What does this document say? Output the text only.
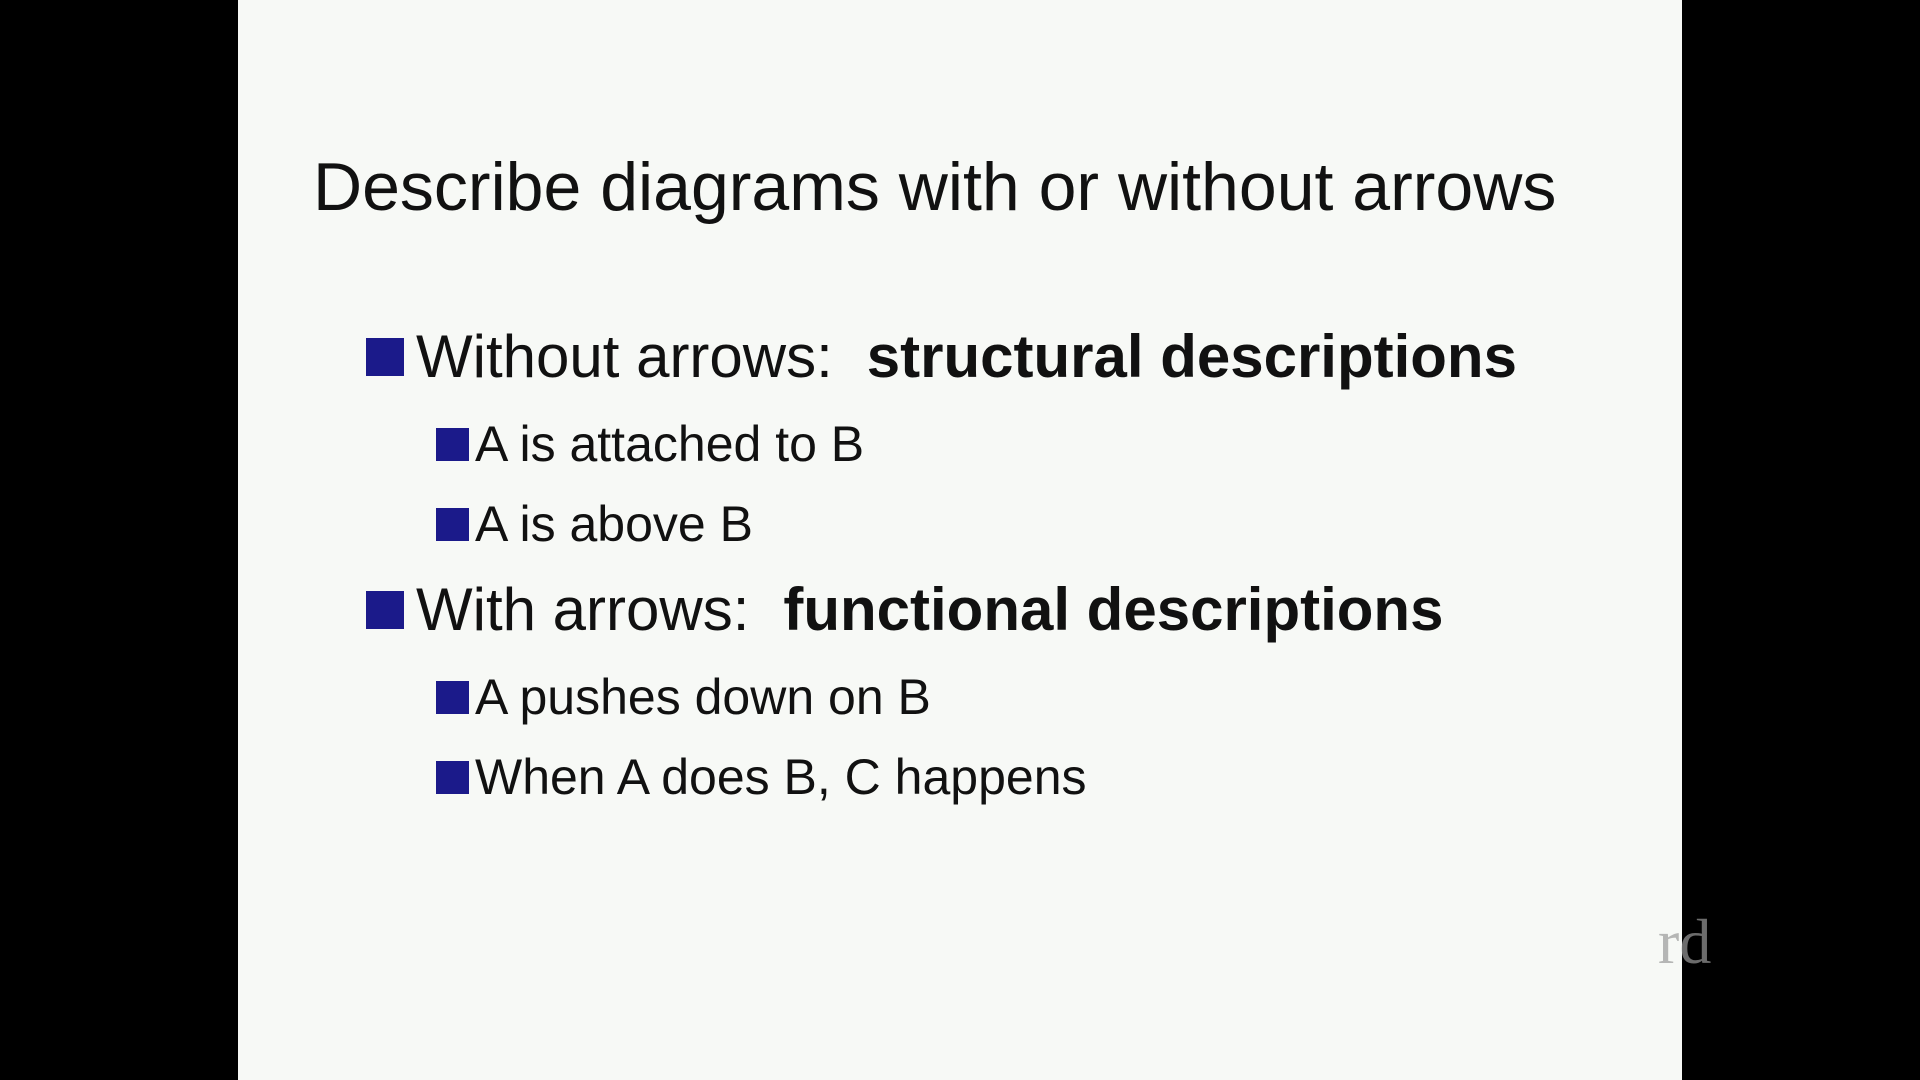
Describe diagrams with or without arrows
Without arrows: structural descriptions
A is attached to B
A is above B
With arrows: functional descriptions
A pushes down on B
When A does B, C happens
rd
